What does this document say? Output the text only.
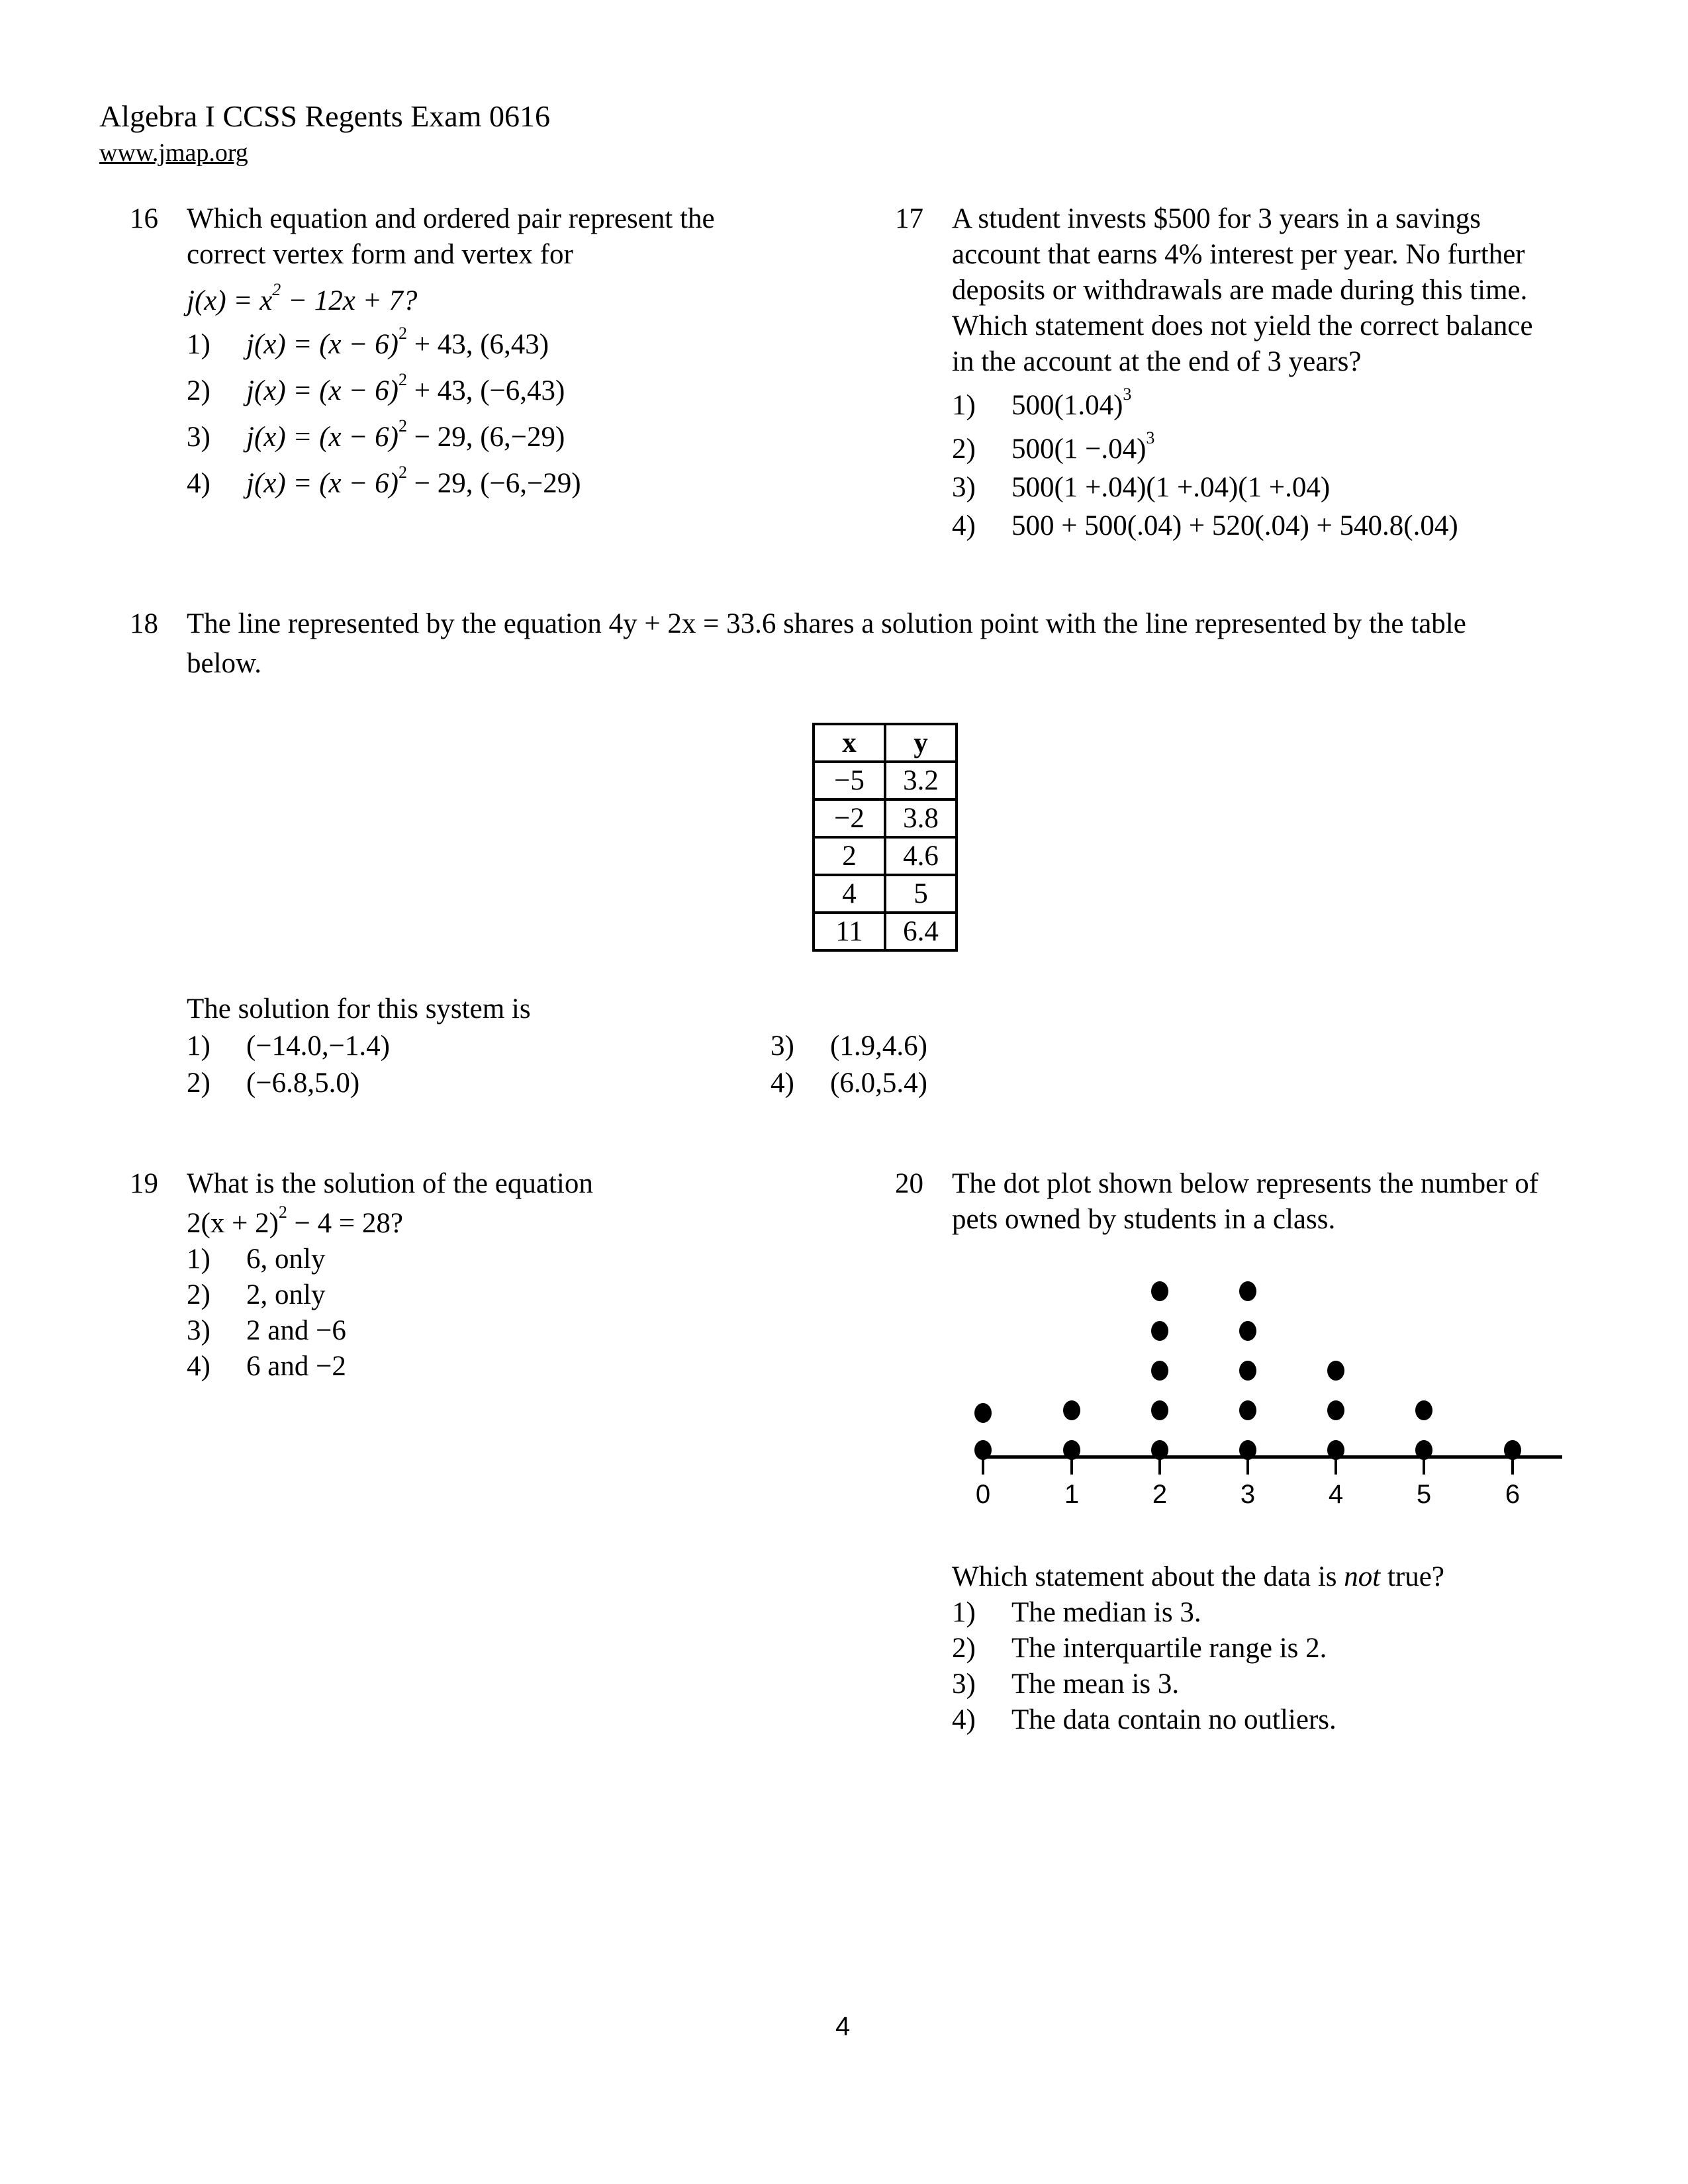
Algebra I CCSS Regents Exam 0616
www.jmap.org
16 Which equation and ordered pair represent the
correct vertex form and vertex for
$j(x) = x^2 - 12x + 7$?
1) $j(x) = (x - 6)^2 + 43$, (6,43)
2) $j(x) = (x - 6)^2 + 43$, (−6,43)
3) $j(x) = (x - 6)^2 - 29$, (6,−29)
4) $j(x) = (x - 6)^2 - 29$, (−6,−29)
17 A student invests $500 for 3 years in a savings
account that earns 4% interest per year. No further
deposits or withdrawals are made during this time.
Which statement does not yield the correct balance
in the account at the end of 3 years?
1) $500(1.04)^3$
2) $500(1 -.04)^3$
3) 500(1 +.04)(1 +.04)(1 +.04)
4) 500 + 500(.04) + 520(.04) + 540.8(.04)
18 The line represented by the equation 4y + 2x = 33.6 shares a solution point with the line represented by the table
below.
x	y
−5	3.2
−2	3.8
2	4.6
4	5
11	6.4
The solution for this system is
1) (−14.0,−1.4)
2) (−6.8,5.0)
3) (1.9,4.6)
4) (6.0,5.4)
19 What is the solution of the equation
$2(x + 2)^2 - 4 = 28$?
1) 6, only
2) 2, only
3) 2 and −6
4) 6 and −2
20 The dot plot shown below represents the number of
pets owned by students in a class.
0	1	2	3	4	5	6
Which statement about the data is not true?
1) The median is 3.
2) The interquartile range is 2.
3) The mean is 3.
4) The data contain no outliers.
4
